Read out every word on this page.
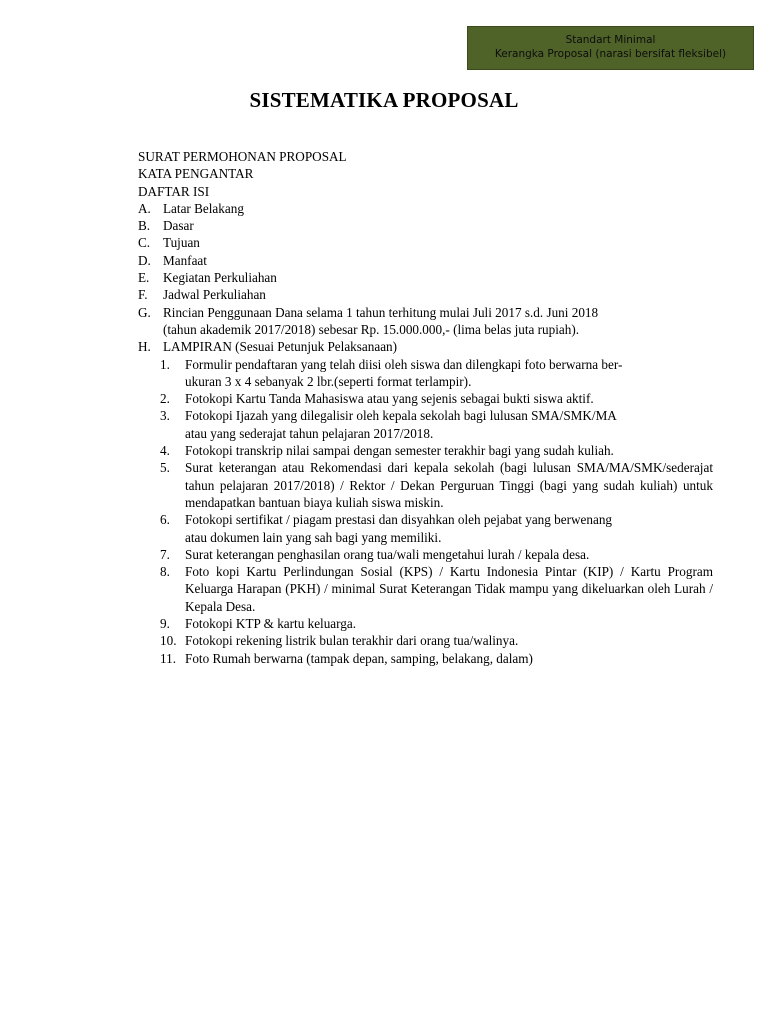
Standart Minimal
Kerangka Proposal (narasi bersifat fleksibel)
SISTEMATIKA PROPOSAL
SURAT PERMOHONAN PROPOSAL
KATA PENGANTAR
DAFTAR ISI
A. Latar Belakang
B. Dasar
C. Tujuan
D. Manfaat
E.	Kegiatan Perkuliahan
F.	Jadwal Perkuliahan
G. Rincian Penggunaan Dana selama 1 tahun terhitung mulai Juli 2017 s.d. Juni 2018
(tahun akademik 2017/2018) sebesar Rp. 15.000.000,- (lima belas juta rupiah).
H. LAMPIRAN (Sesuai Petunjuk Pelaksanaan)
1.	Formulir pendaftaran yang telah diisi oleh siswa dan dilengkapi foto berwarna ber-
ukuran 3 x 4 sebanyak 2 lbr.(seperti format terlampir).
2.	Fotokopi Kartu Tanda Mahasiswa atau yang sejenis sebagai bukti siswa aktif.
3.	Fotokopi Ijazah yang dilegalisir oleh kepala sekolah bagi lulusan SMA/SMK/MA
atau yang sederajat tahun pelajaran 2017/2018.
4.	Fotokopi transkrip nilai sampai dengan semester terakhir bagi yang sudah kuliah.
5.	Surat keterangan atau Rekomendasi dari kepala sekolah (bagi lulusan SMA/MA/SMK/sederajat tahun pelajaran 2017/2018) / Rektor / Dekan Perguruan Tinggi (bagi yang sudah kuliah) untuk mendapatkan bantuan biaya kuliah siswa miskin.
6.	Fotokopi sertifikat / piagam prestasi dan disyahkan oleh pejabat yang berwenang
atau dokumen lain yang sah bagi yang memiliki.
7.	Surat keterangan penghasilan orang tua/wali mengetahui lurah / kepala desa.
8.	Foto kopi Kartu Perlindungan Sosial (KPS) / Kartu Indonesia Pintar (KIP) / Kartu Program Keluarga Harapan (PKH) / minimal Surat Keterangan Tidak mampu yang dikeluarkan oleh Lurah / Kepala Desa.
9.	Fotokopi KTP & kartu keluarga.
10. Fotokopi rekening listrik bulan terakhir dari orang tua/walinya.
11. Foto Rumah berwarna (tampak depan, samping, belakang, dalam)
